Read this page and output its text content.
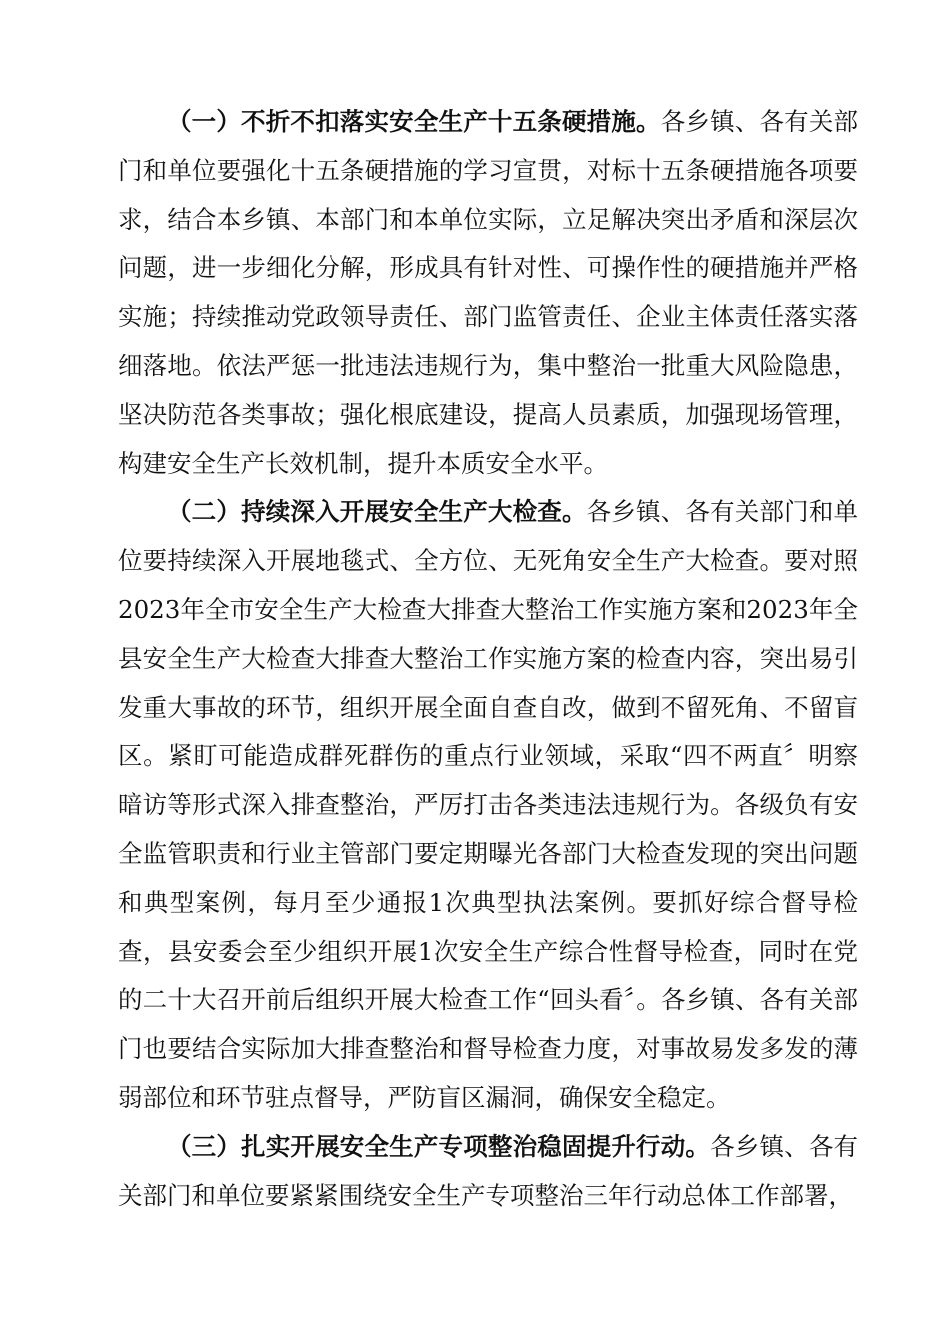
（一）不折不扣落实安全生产十五条硬措施。各乡镇、各有关部门和单位要强化十五条硬措施的学习宣贯，对标十五条硬措施各项要求，结合本乡镇、本部门和本单位实际，立足解决突出矛盾和深层次问题，进一步细化分解，形成具有针对性、可操作性的硬措施并严格实施；持续推动党政领导责任、部门监管责任、企业主体责任落实落细落地。依法严惩一批违法违规行为，集中整治一批重大风险隐患，坚决防范各类事故；强化根底建设，提高人员素质，加强现场管理，构建安全生产长效机制，提升本质安全水平。

（二）持续深入开展安全生产大检查。各乡镇、各有关部门和单位要持续深入开展地毯式、全方位、无死角安全生产大检查。要对照2023年全市安全生产大检查大排查大整治工作实施方案和2023年全县安全生产大检查大排查大整治工作实施方案的检查内容，突出易引发重大事故的环节，组织开展全面自查自改，做到不留死角、不留盲区。紧盯可能造成群死群伤的重点行业领域，采取“四不两直〞明察暗访等形式深入排查整治，严厉打击各类违法违规行为。各级负有安全监管职责和行业主管部门要定期曝光各部门大检查发现的突出问题和典型案例，每月至少通报1次典型执法案例。要抓好综合督导检查，县安委会至少组织开展1次安全生产综合性督导检查，同时在党的二十大召开前后组织开展大检查工作“回头看〞。各乡镇、各有关部门也要结合实际加大排查整治和督导检查力度，对事故易发多发的薄弱部位和环节驻点督导，严防盲区漏洞，确保安全稳定。

（三）扎实开展安全生产专项整治稳固提升行动。各乡镇、各有关部门和单位要紧紧围绕安全生产专项整治三年行动总体工作部署，
